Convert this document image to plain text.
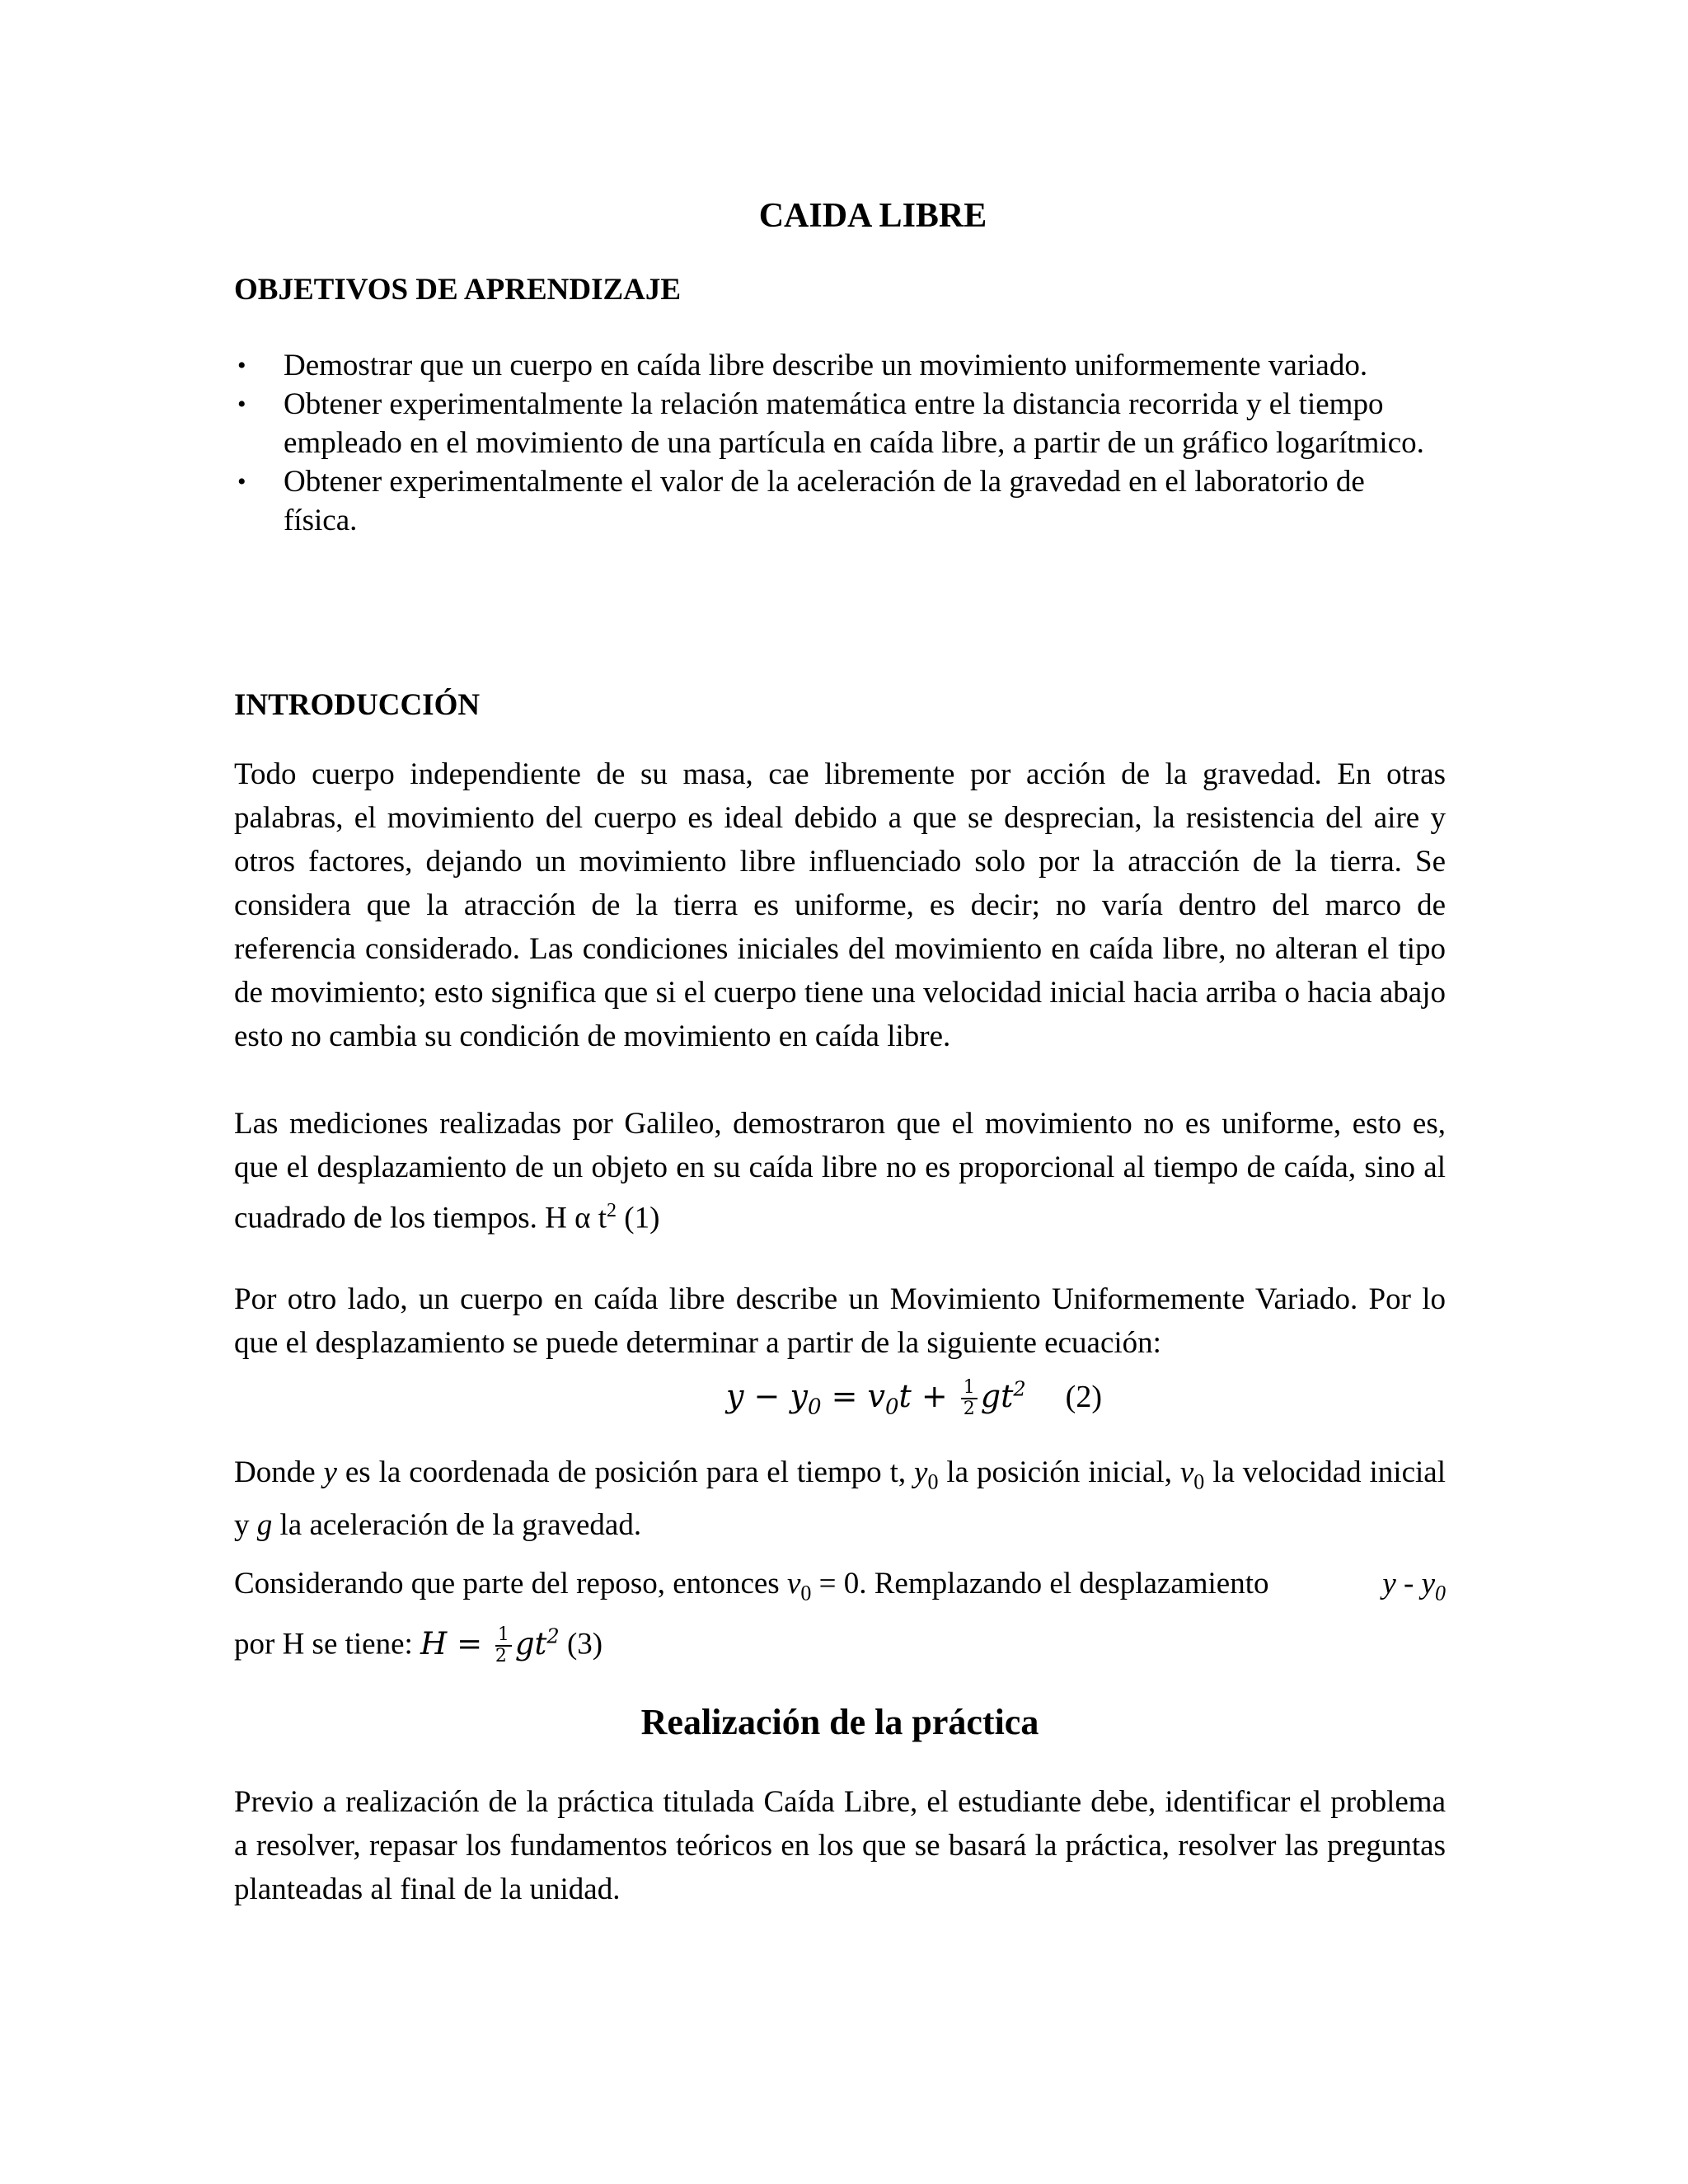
CAIDA LIBRE
OBJETIVOS DE APRENDIZAJE
• Demostrar que un cuerpo en caída libre describe un movimiento uniformemente variado.
• Obtener experimentalmente la relación matemática entre la distancia recorrida y el tiempo empleado en el movimiento de una partícula en caída libre, a partir de un gráfico logarítmico.
• Obtener experimentalmente el valor de la aceleración de la gravedad en el laboratorio de física.
INTRODUCCIÓN
Todo cuerpo independiente de su masa, cae libremente por acción de la gravedad. En otras palabras, el movimiento del cuerpo es ideal debido a que se desprecian, la resistencia del aire y otros factores, dejando un movimiento libre influenciado solo por la atracción de la tierra. Se considera que la atracción de la tierra es uniforme, es decir; no varía dentro del marco de referencia considerado. Las condiciones iniciales del movimiento en caída libre, no alteran el tipo de movimiento; esto significa que si el cuerpo tiene una velocidad inicial hacia arriba o hacia abajo esto no cambia su condición de movimiento en caída libre.
Las mediciones realizadas por Galileo, demostraron que el movimiento no es uniforme, esto es, que el desplazamiento de un objeto en su caída libre no es proporcional al tiempo de caída, sino al cuadrado de los tiempos. H α $t^2$ (1)
Por otro lado, un cuerpo en caída libre describe un Movimiento Uniformemente Variado. Por lo que el desplazamiento se puede determinar a partir de la siguiente ecuación:
$y - y_0 = v_0t + \frac{1}{2} gt^2$ (2)
Donde y es la coordenada de posición para el tiempo t, $y_0$ la posición inicial, $v_0$ la velocidad inicial y g la aceleración de la gravedad.
Considerando que parte del reposo, entonces $v_0 = 0$. Remplazando el desplazamiento	y - $y_0$

por H se tiene: $H = \frac{1}{2} gt^2$ (3)
Realización de la práctica
Previo a realización de la práctica titulada Caída Libre, el estudiante debe, identificar el problema a resolver, repasar los fundamentos teóricos en los que se basará la práctica, resolver las preguntas planteadas al final de la unidad.
